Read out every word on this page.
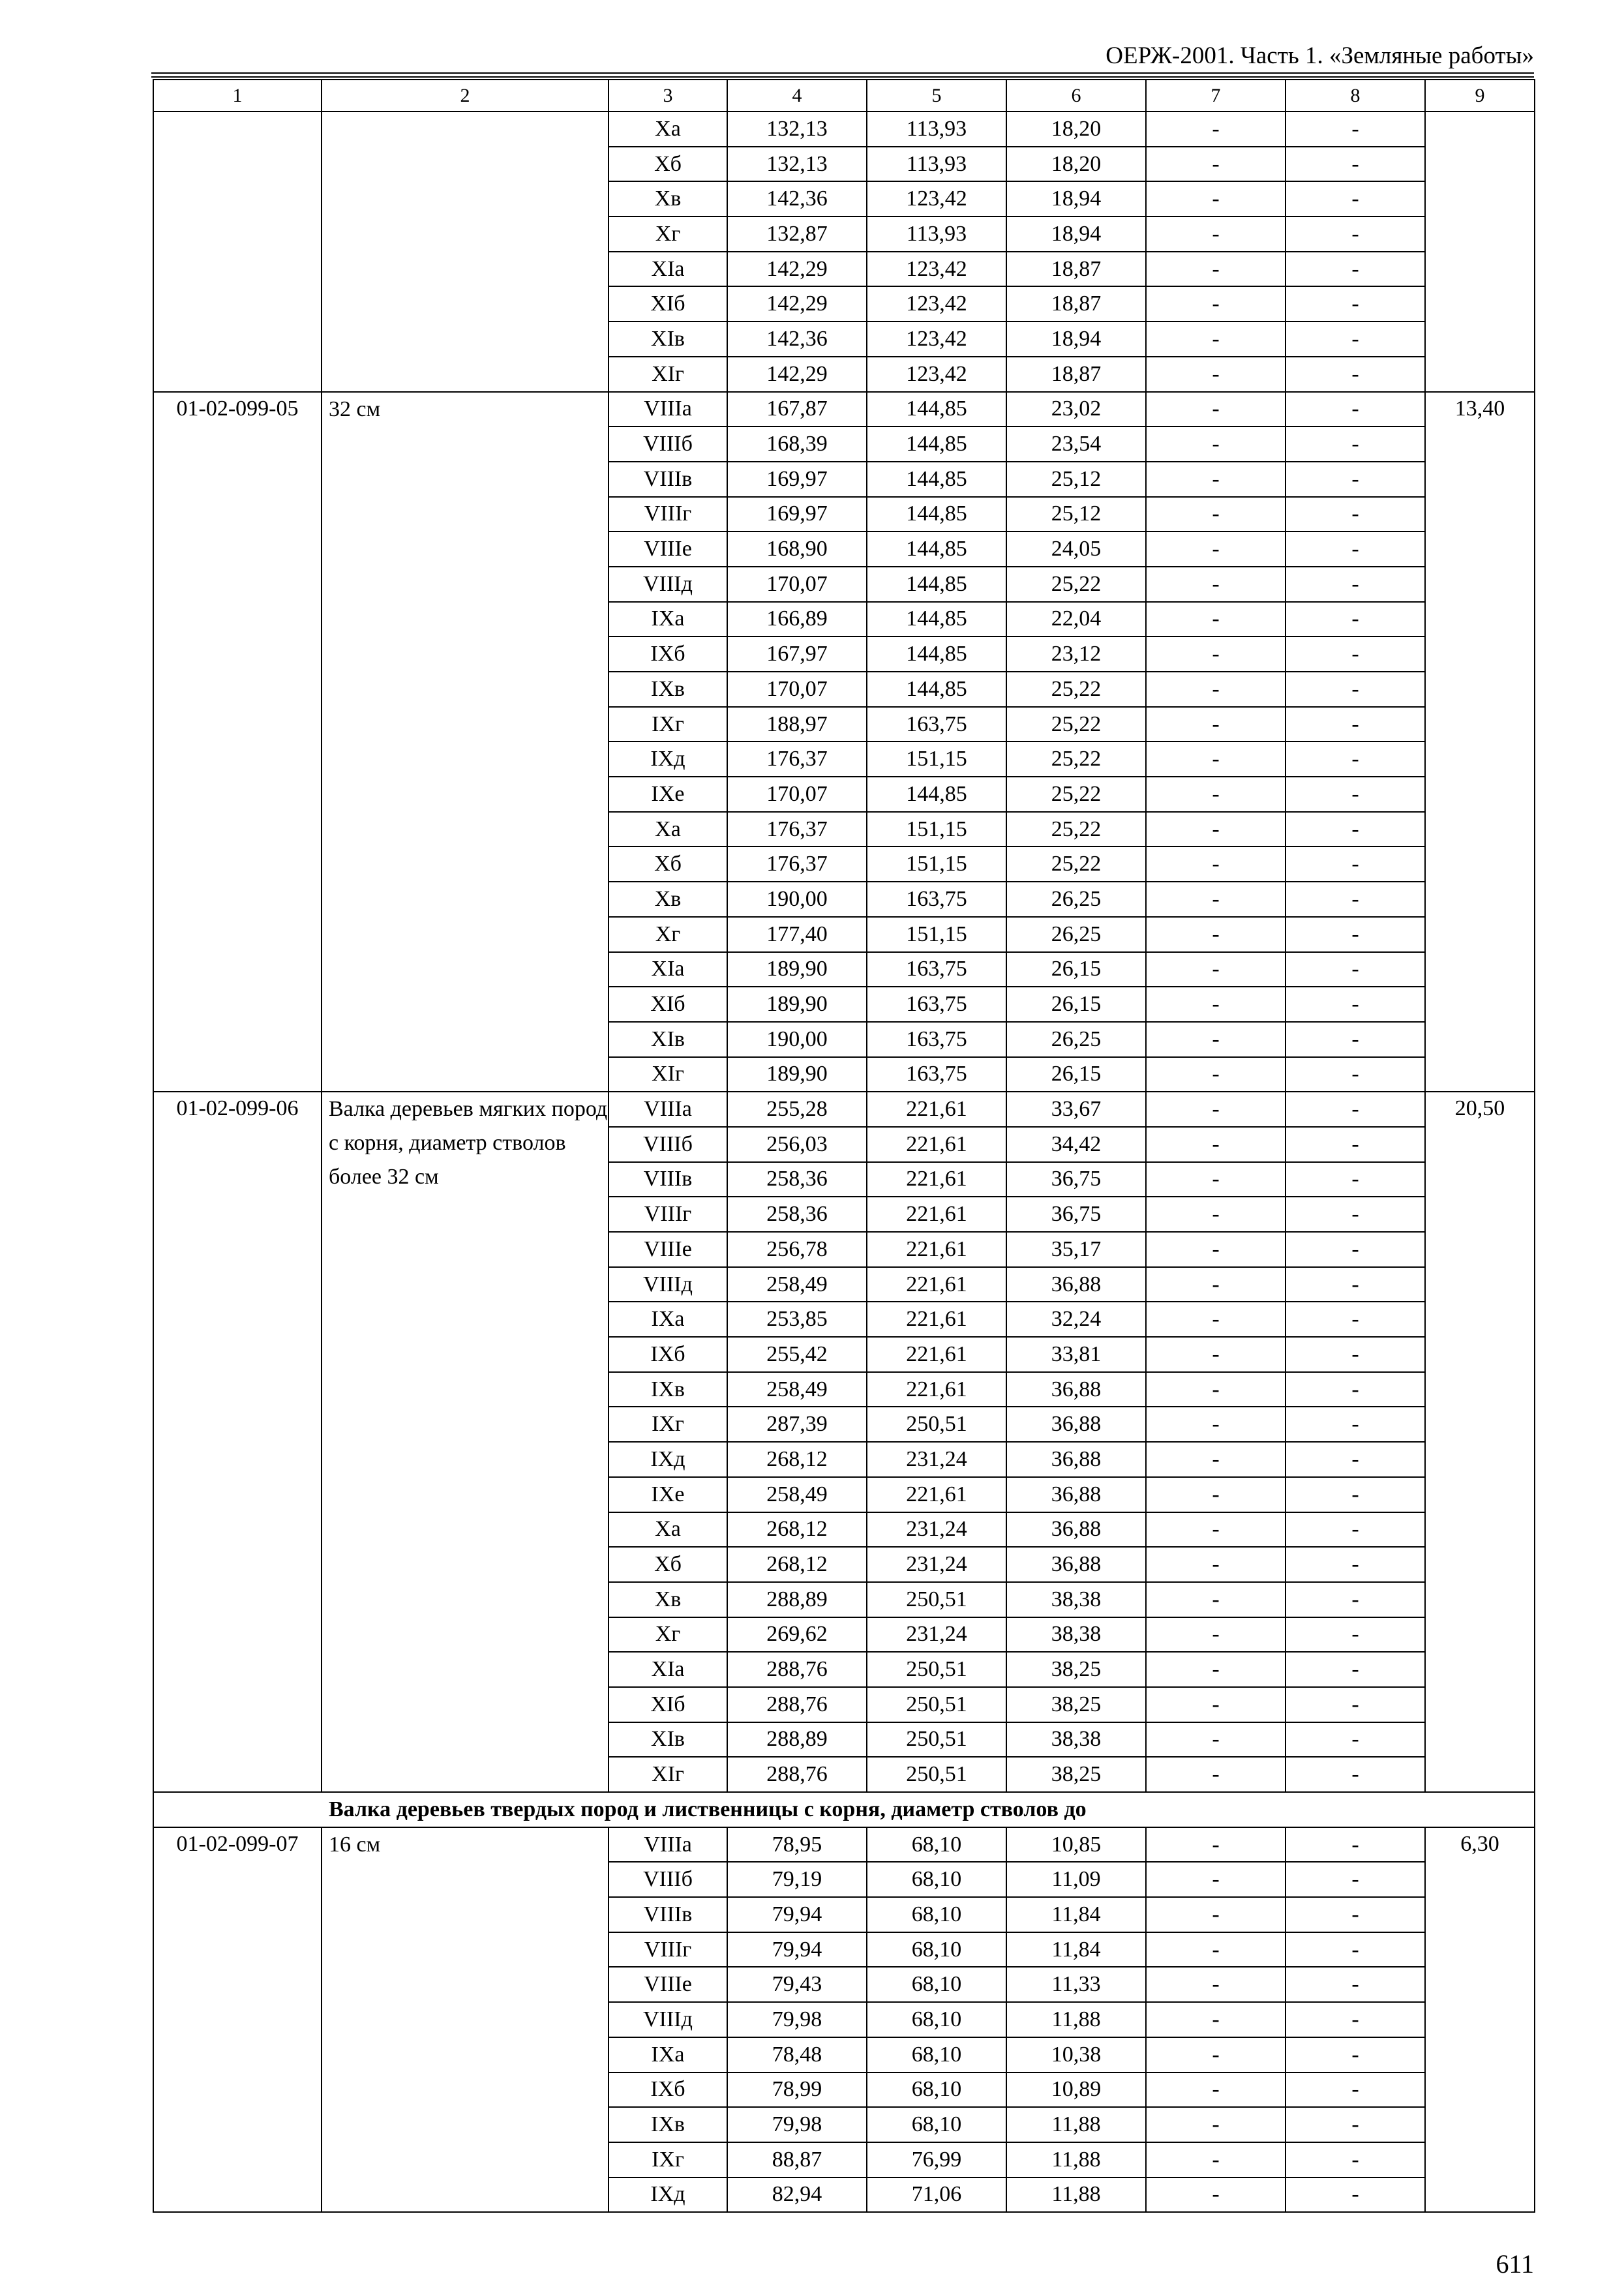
ОЕРЖ-2001. Часть 1. «Земляные работы»
1	2	3	4	5	6	7	8	9
		Xa	132,13	113,93	18,20	-	-	
		Xб	132,13	113,93	18,20	-	-	
		Xв	142,36	123,42	18,94	-	-	
		Xг	132,87	113,93	18,94	-	-	
		XIa	142,29	123,42	18,87	-	-	
		XIб	142,29	123,42	18,87	-	-	
		XIв	142,36	123,42	18,94	-	-	
		XIг	142,29	123,42	18,87	-	-	
01-02-099-05	32 см	VIIIa	167,87	144,85	23,02	-	-	13,40
		VIIIб	168,39	144,85	23,54	-	-	
		VIIIв	169,97	144,85	25,12	-	-	
		VIIIг	169,97	144,85	25,12	-	-	
		VIIIе	168,90	144,85	24,05	-	-	
		VIIIд	170,07	144,85	25,22	-	-	
		IXa	166,89	144,85	22,04	-	-	
		IXб	167,97	144,85	23,12	-	-	
		IXв	170,07	144,85	25,22	-	-	
		IXг	188,97	163,75	25,22	-	-	
		IXд	176,37	151,15	25,22	-	-	
		IXе	170,07	144,85	25,22	-	-	
		Xa	176,37	151,15	25,22	-	-	
		Xб	176,37	151,15	25,22	-	-	
		Xв	190,00	163,75	26,25	-	-	
		Xг	177,40	151,15	26,25	-	-	
		XIa	189,90	163,75	26,15	-	-	
		XIб	189,90	163,75	26,15	-	-	
		XIв	190,00	163,75	26,25	-	-	
		XIг	189,90	163,75	26,15	-	-	
01-02-099-06	Валка деревьев мягких пород с корня, диаметр стволов более 32 см	VIIIa	255,28	221,61	33,67	-	-	20,50
		VIIIб	256,03	221,61	34,42	-	-	
		VIIIв	258,36	221,61	36,75	-	-	
		VIIIг	258,36	221,61	36,75	-	-	
		VIIIе	256,78	221,61	35,17	-	-	
		VIIIд	258,49	221,61	36,88	-	-	
		IXa	253,85	221,61	32,24	-	-	
		IXб	255,42	221,61	33,81	-	-	
		IXв	258,49	221,61	36,88	-	-	
		IXг	287,39	250,51	36,88	-	-	
		IXд	268,12	231,24	36,88	-	-	
		IXе	258,49	221,61	36,88	-	-	
		Xa	268,12	231,24	36,88	-	-	
		Xб	268,12	231,24	36,88	-	-	
		Xв	288,89	250,51	38,38	-	-	
		Xг	269,62	231,24	38,38	-	-	
		XIa	288,76	250,51	38,25	-	-	
		XIб	288,76	250,51	38,25	-	-	
		XIв	288,89	250,51	38,38	-	-	
		XIг	288,76	250,51	38,25	-	-	
Валка деревьев твердых пород и лиственницы с корня, диаметр стволов до								
01-02-099-07	16 см	VIIIa	78,95	68,10	10,85	-	-	6,30
		VIIIб	79,19	68,10	11,09	-	-	
		VIIIв	79,94	68,10	11,84	-	-	
		VIIIг	79,94	68,10	11,84	-	-	
		VIIIе	79,43	68,10	11,33	-	-	
		VIIIд	79,98	68,10	11,88	-	-	
		IXa	78,48	68,10	10,38	-	-	
		IXб	78,99	68,10	10,89	-	-	
		IXв	79,98	68,10	11,88	-	-	
		IXг	88,87	76,99	11,88	-	-	
		IXд	82,94	71,06	11,88	-	-	
611
